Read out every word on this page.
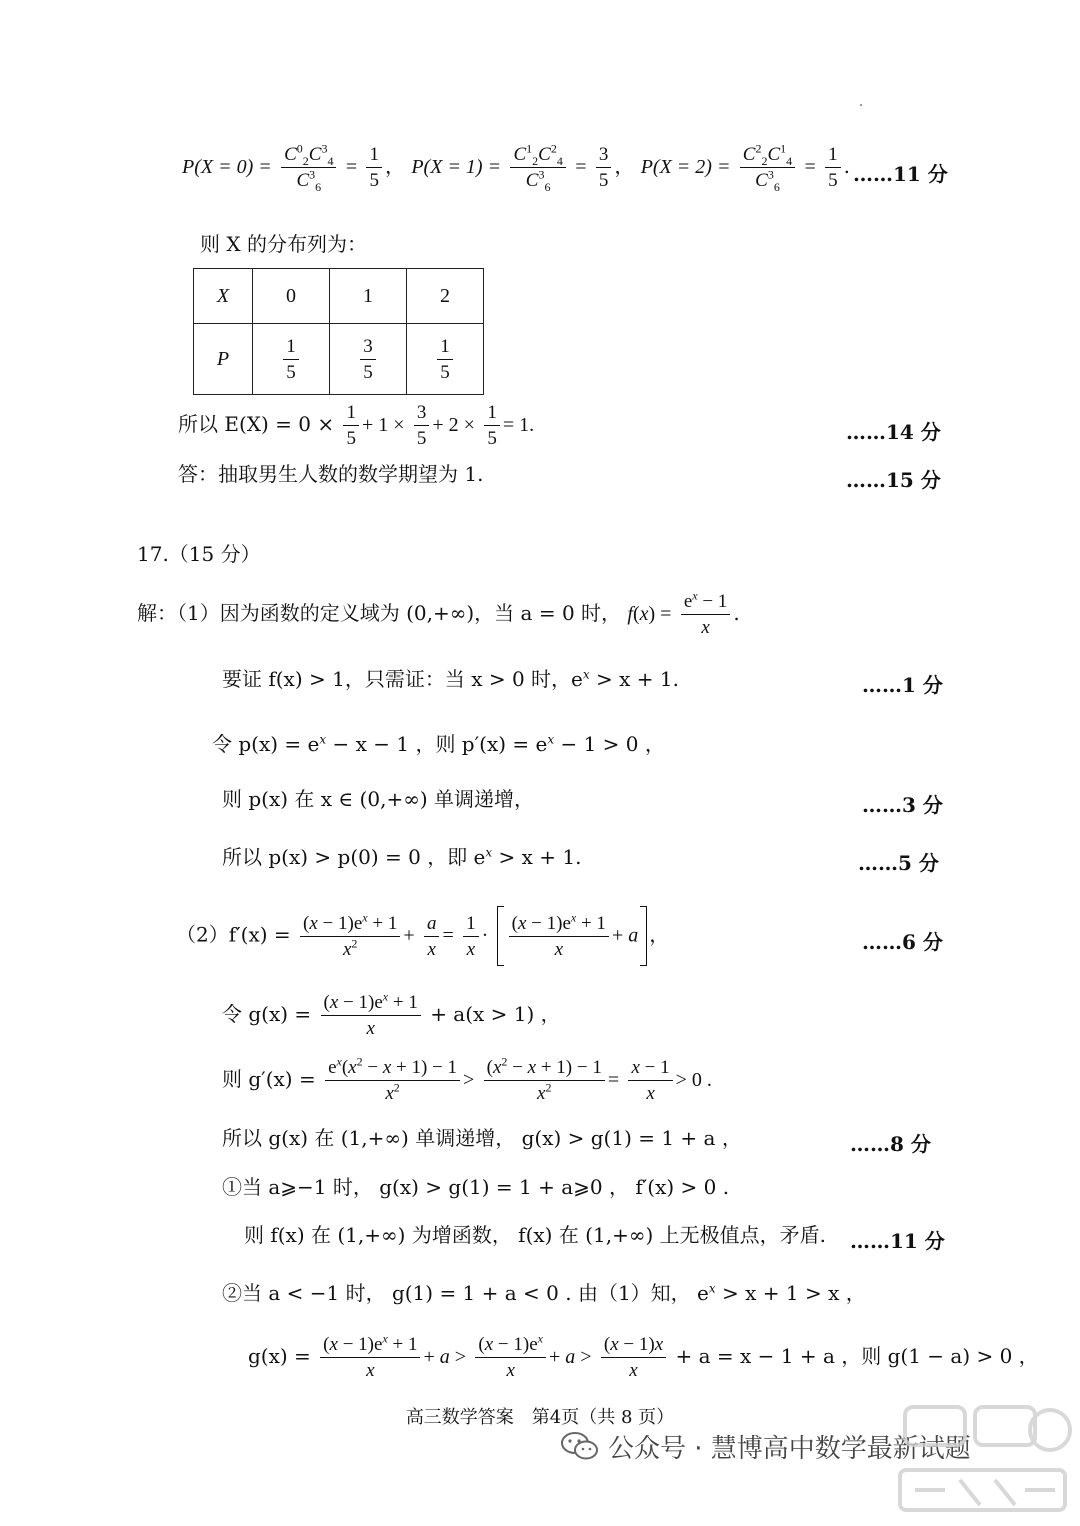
$P(X = 0) = \frac{C^0_2C^3_4}{C^3_6} = \frac{1}{5}$ ， $P(X = 1) = \frac{C^1_2C^2_4}{C^3_6} = \frac{3}{5}$ ， $P(X = 2) = \frac{C^2_2C^1_4}{C^3_6} = \frac{1}{5}$ . ……11 分
则 X 的分布列为：
X	0	1	2
P	$\frac{1}{5}$	$\frac{3}{5}$	$\frac{1}{5}$
所以 $E(X) = 0 \times \frac{1}{5} + 1 \times \frac{3}{5} + 2 \times \frac{1}{5} = 1$.	……14 分
答：抽取男生人数的数学期望为 1.	……15 分
17.（15 分）
解：（1）因为函数的定义域为 (0,+∞)，当 a = 0 时， $f(x) = \frac{e^x - 1}{x}$ .
要证 f(x) > 1，只需证：当 x > 0 时，$e^x > x + 1$.	……1 分
令 $p(x) = e^x - x - 1$ ，则 $p'(x) = e^x - 1 > 0$ ，
则 p(x) 在 x ∈ (0,+∞) 单调递增，	……3 分
所以 p(x) > p(0) = 0 ，即 $e^x > x + 1$.	……5 分
$(2)f'(x) = \frac{(x - 1)e^x + 1}{x^2} + \frac{a}{x} = \frac{1}{x} \cdot \frac{(x - 1)e^x + 1}{x} + a$ ，	……6 分
令 $g(x) = \frac{(x - 1)e^x + 1}{x} + a(x > 1)$ ，
则 $g'(x) = \frac{e^x(x^2 - x + 1) - 1}{x^2} > \frac{(x^2 - x + 1) - 1}{x^2} = \frac{x - 1}{x} > 0$ .
所以 g(x) 在 (1,+∞) 单调递增， g(x) > g(1) = 1 + a ，	……8 分
①当 a⩾−1 时， g(x) > g(1) = 1 + a⩾0 ， f′(x) > 0 .
则 f(x) 在 (1,+∞) 为增函数， f(x) 在 (1,+∞) 上无极值点，矛盾. ……11 分
②当 a < −1 时， g(1) = 1 + a < 0 . 由（1）知， $e^x > x + 1 > x$ ，
$g(x) = \frac{(x - 1)e^x + 1}{x} + a > \frac{(x - 1)e^x}{x} + a > \frac{(x - 1)x}{x} + a = x - 1 + a$ ，则 g(1 − a) > 0 ，
高三数学答案　第4页（共 8 页）
公众号 · 慧博高中数学最新试题
